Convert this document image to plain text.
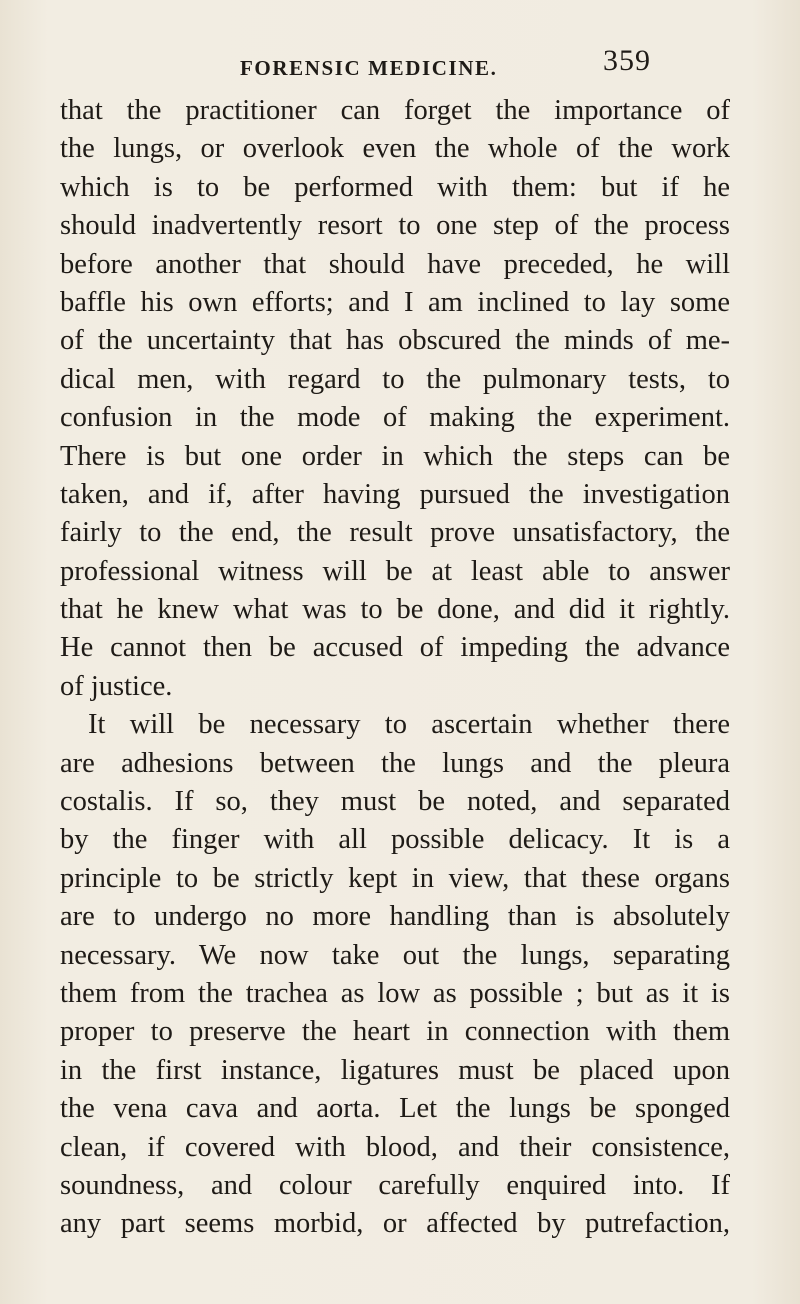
FORENSIC MEDICINE.	359
that the practitioner can forget the importance of
the lungs, or overlook even the whole of the work
which is to be performed with them: but if he
should inadvertently resort to one step of the process
before another that should have preceded, he will
baffle his own efforts; and I am inclined to lay some
of the uncertainty that has obscured the minds of me-
dical men, with regard to the pulmonary tests, to
confusion in the mode of making the experiment.
There is but one order in which the steps can be
taken, and if, after having pursued the investigation
fairly to the end, the result prove unsatisfactory, the
professional witness will be at least able to answer
that he knew what was to be done, and did it rightly.
He cannot then be accused of impeding the advance
of justice.
It will be necessary to ascertain whether there
are adhesions between the lungs and the pleura
costalis. If so, they must be noted, and separated
by the finger with all possible delicacy. It is a
principle to be strictly kept in view, that these organs
are to undergo no more handling than is absolutely
necessary. We now take out the lungs, separating
them from the trachea as low as possible ; but as it is
proper to preserve the heart in connection with them
in the first instance, ligatures must be placed upon
the vena cava and aorta. Let the lungs be sponged
clean, if covered with blood, and their consistence,
soundness, and colour carefully enquired into. If
any part seems morbid, or affected by putrefaction,
